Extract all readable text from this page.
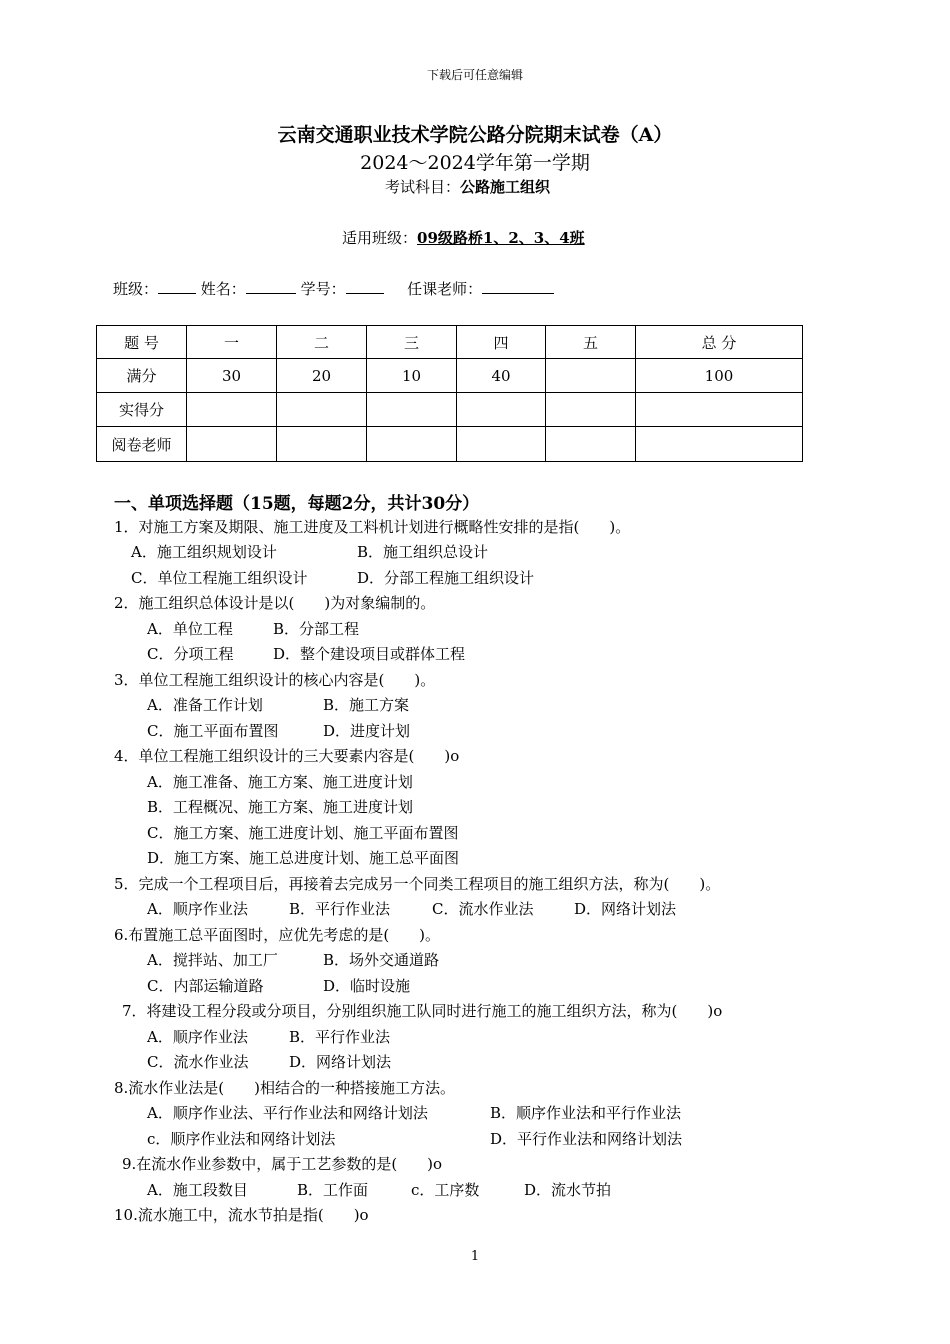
下载后可任意编辑
云南交通职业技术学院公路分院期末试卷（A）
2024～2024学年第一学期
考试科目：公路施工组织
适用班级：09级路桥1、2、3、4班
班级：	姓名：	学号：	任课老师：
题 号	一	二	三	四	五	总 分
满分	30	20	10	40		100
实得分						
阅卷老师						
一、单项选择题（15题，每题2分，共计30分）
1．对施工方案及期限、施工进度及工料机计划进行概略性安排的是指(　　)。
A．施工组织规划设计	B．施工组织总设计
C．单位工程施工组织设计	D．分部工程施工组织设计
2．施工组织总体设计是以(　　)为对象编制的。
A．单位工程	B．分部工程
C．分项工程	D．整个建设项目或群体工程
3．单位工程施工组织设计的核心内容是(　　)。
A．准备工作计划	B．施工方案
C．施工平面布置图	D．进度计划
4．单位工程施工组织设计的三大要素内容是(　　)o
A．施工准备、施工方案、施工进度计划
B．工程概况、施工方案、施工进度计划
C．施工方案、施工进度计划、施工平面布置图
D．施工方案、施工总进度计划、施工总平面图
5．完成一个工程项目后，再接着去完成另一个同类工程项目的施工组织方法，称为(　　)。
A．顺序作业法	B．平行作业法	C．流水作业法	D．网络计划法
6.布置施工总平面图时，应优先考虑的是(　　)。
A．搅拌站、加工厂	B．场外交通道路
C．内部运输道路	D．临时设施
7．将建设工程分段或分项目，分别组织施工队同时进行施工的施工组织方法，称为(　　)o
A．顺序作业法	B．平行作业法
C．流水作业法	D．网络计划法
8.流水作业法是(　　)相结合的一种搭接施工方法。
A．顺序作业法、平行作业法和网络计划法	B．顺序作业法和平行作业法
c．顺序作业法和网络计划法	D．平行作业法和网络计划法
9.在流水作业参数中，属于工艺参数的是(　　)o
A．施工段数目	B．工作面	c．工序数	D．流水节拍
10.流水施工中，流水节拍是指(　　)o
1
